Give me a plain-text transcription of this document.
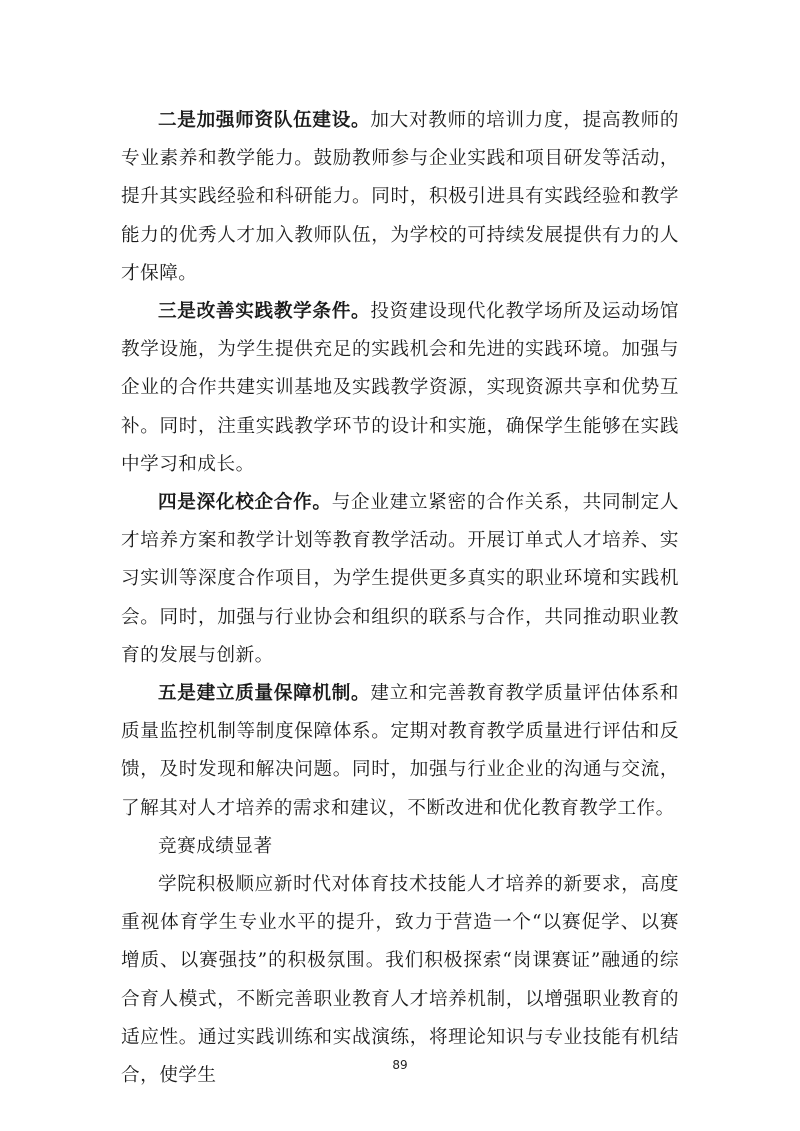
二是加强师资队伍建设。加大对教师的培训力度，提高教师的专业素养和教学能力。鼓励教师参与企业实践和项目研发等活动，提升其实践经验和科研能力。同时，积极引进具有实践经验和教学能力的优秀人才加入教师队伍，为学校的可持续发展提供有力的人才保障。

三是改善实践教学条件。投资建设现代化教学场所及运动场馆教学设施，为学生提供充足的实践机会和先进的实践环境。加强与企业的合作共建实训基地及实践教学资源，实现资源共享和优势互补。同时，注重实践教学环节的设计和实施，确保学生能够在实践中学习和成长。

四是深化校企合作。与企业建立紧密的合作关系，共同制定人才培养方案和教学计划等教育教学活动。开展订单式人才培养、实习实训等深度合作项目，为学生提供更多真实的职业环境和实践机会。同时，加强与行业协会和组织的联系与合作，共同推动职业教育的发展与创新。

五是建立质量保障机制。建立和完善教育教学质量评估体系和质量监控机制等制度保障体系。定期对教育教学质量进行评估和反馈，及时发现和解决问题。同时，加强与行业企业的沟通与交流，了解其对人才培养的需求和建议，不断改进和优化教育教学工作。

竞赛成绩显著

学院积极顺应新时代对体育技术技能人才培养的新要求，高度重视体育学生专业水平的提升，致力于营造一个“以赛促学、以赛增质、以赛强技”的积极氛围。我们积极探索“岗课赛证”融通的综合育人模式，不断完善职业教育人才培养机制，以增强职业教育的适应性。通过实践训练和实战演练，将理论知识与专业技能有机结合，使学生

89
